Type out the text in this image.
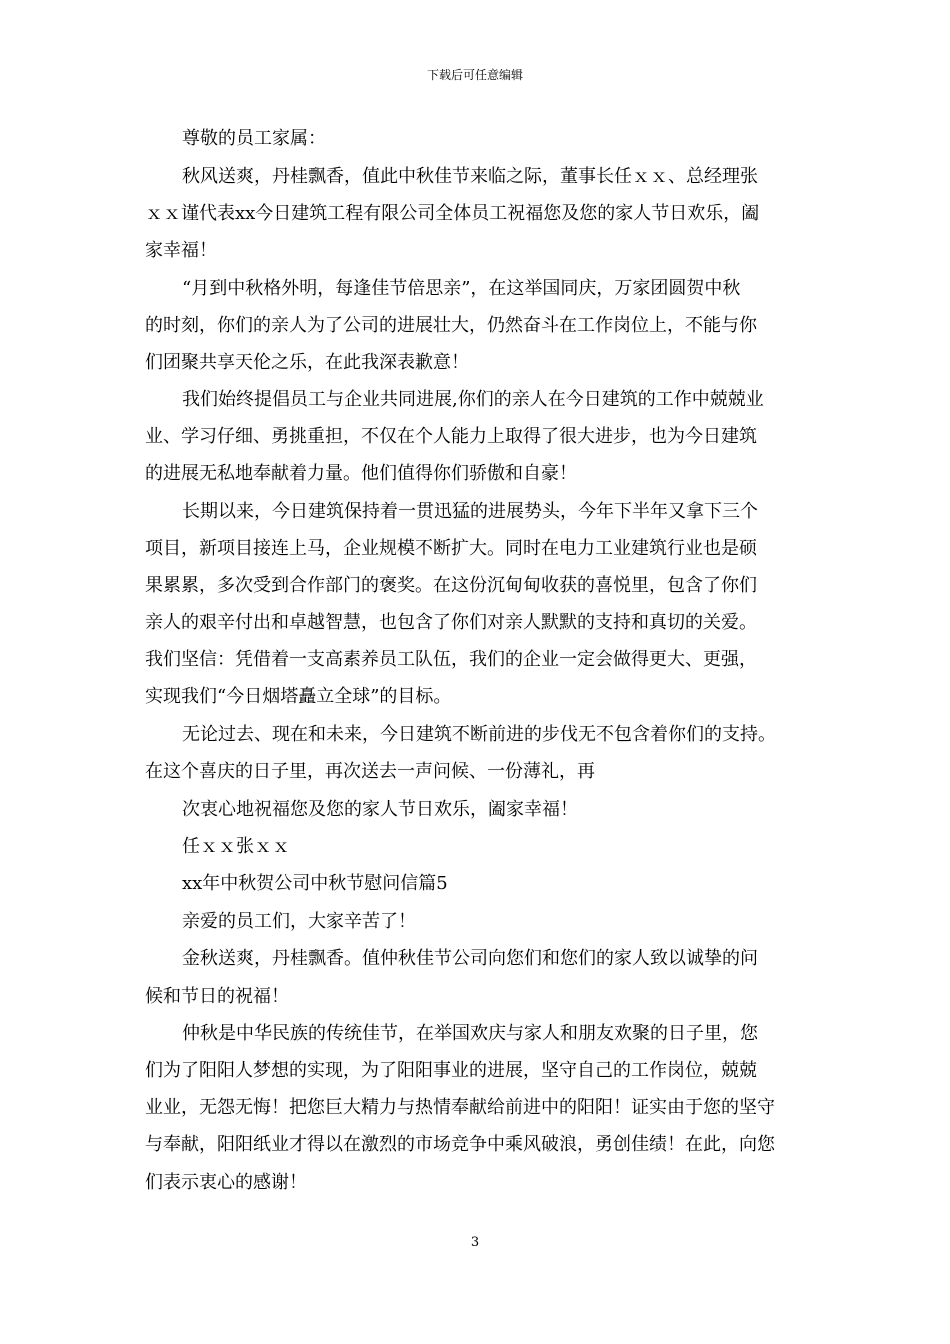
下载后可任意编辑
尊敬的员工家属：
秋风送爽，丹桂飘香，值此中秋佳节来临之际，董事长任ｘｘ、总经理张
ｘｘ谨代表xx今日建筑工程有限公司全体员工祝福您及您的家人节日欢乐，阖
家幸福！
“月到中秋格外明，每逢佳节倍思亲”，在这举国同庆，万家团圆贺中秋
的时刻，你们的亲人为了公司的进展壮大，仍然奋斗在工作岗位上，不能与你
们团聚共享天伦之乐，在此我深表歉意！
我们始终提倡员工与企业共同进展,你们的亲人在今日建筑的工作中兢兢业
业、学习仔细、勇挑重担，不仅在个人能力上取得了很大进步，也为今日建筑
的进展无私地奉献着力量。他们值得你们骄傲和自豪！
长期以来，今日建筑保持着一贯迅猛的进展势头，今年下半年又拿下三个
项目，新项目接连上马，企业规模不断扩大。同时在电力工业建筑行业也是硕
果累累，多次受到合作部门的褒奖。在这份沉甸甸收获的喜悦里，包含了你们
亲人的艰辛付出和卓越智慧，也包含了你们对亲人默默的支持和真切的关爱。
我们坚信：凭借着一支高素养员工队伍，我们的企业一定会做得更大、更强，
实现我们“今日烟塔矗立全球”的目标。
无论过去、现在和未来，今日建筑不断前进的步伐无不包含着你们的支持。
在这个喜庆的日子里，再次送去一声问候、一份薄礼，再
次衷心地祝福您及您的家人节日欢乐，阖家幸福！
任ｘｘ张ｘｘ
xx年中秋贺公司中秋节慰问信篇5
亲爱的员工们，大家辛苦了！
金秋送爽，丹桂飘香。值仲秋佳节公司向您们和您们的家人致以诚挚的问
候和节日的祝福！
仲秋是中华民族的传统佳节，在举国欢庆与家人和朋友欢聚的日子里，您
们为了阳阳人梦想的实现，为了阳阳事业的进展，坚守自己的工作岗位，兢兢
业业，无怨无悔！把您巨大精力与热情奉献给前进中的阳阳！证实由于您的坚守
与奉献，阳阳纸业才得以在激烈的市场竞争中乘风破浪，勇创佳绩！在此，向您
们表示衷心的感谢！
3
